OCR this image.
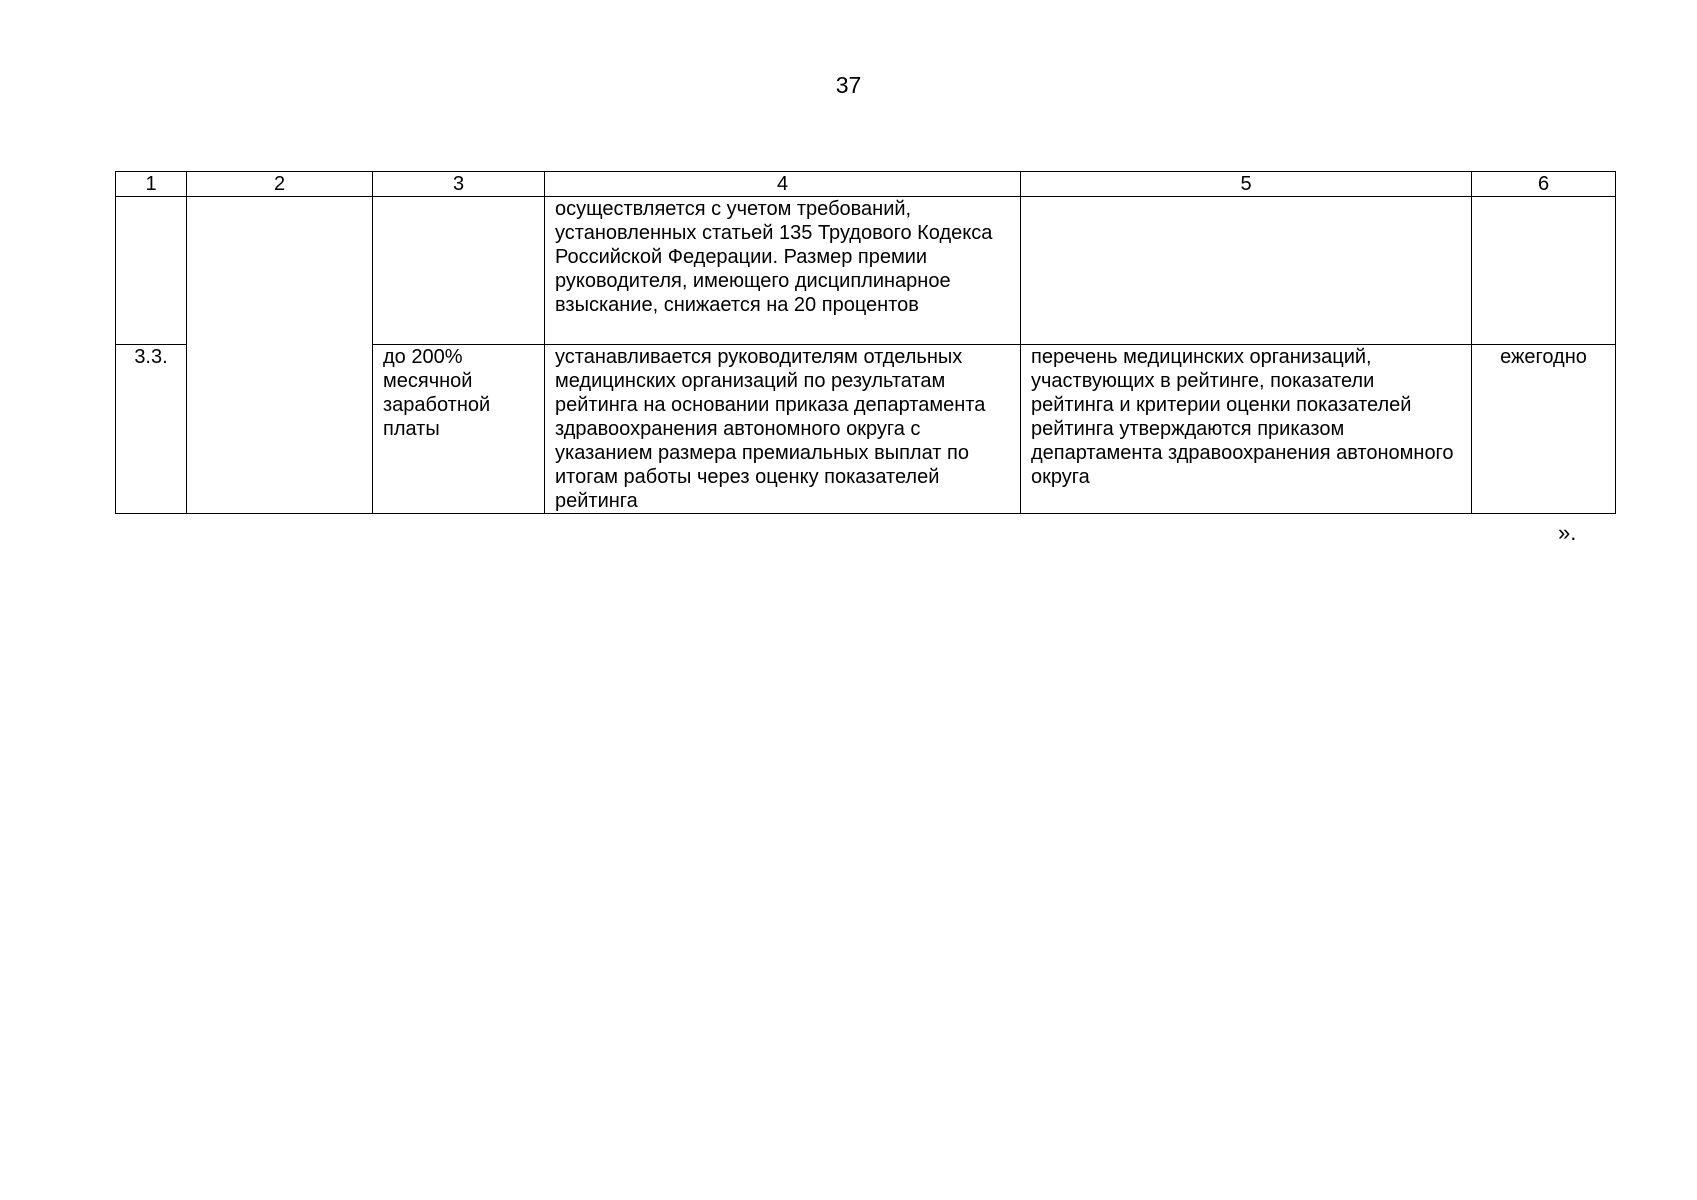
37
1	2	3	4	5	6
			осуществляется с учетом требований, установленных статьей 135 Трудового Кодекса Российской Федерации. Размер премии руководителя, имеющего дисциплинарное взыскание, снижается на 20 процентов		
3.3.		до 200% месячной заработной платы	устанавливается руководителям отдельных медицинских организаций по результатам рейтинга на основании приказа департамента здравоохранения автономного округа с указанием размера премиальных выплат по итогам работы через оценку показателей рейтинга	перечень медицинских организаций, участвующих в рейтинге, показатели рейтинга и критерии оценки показателей рейтинга утверждаются приказом департамента здравоохранения автономного округа	ежегодно
».
